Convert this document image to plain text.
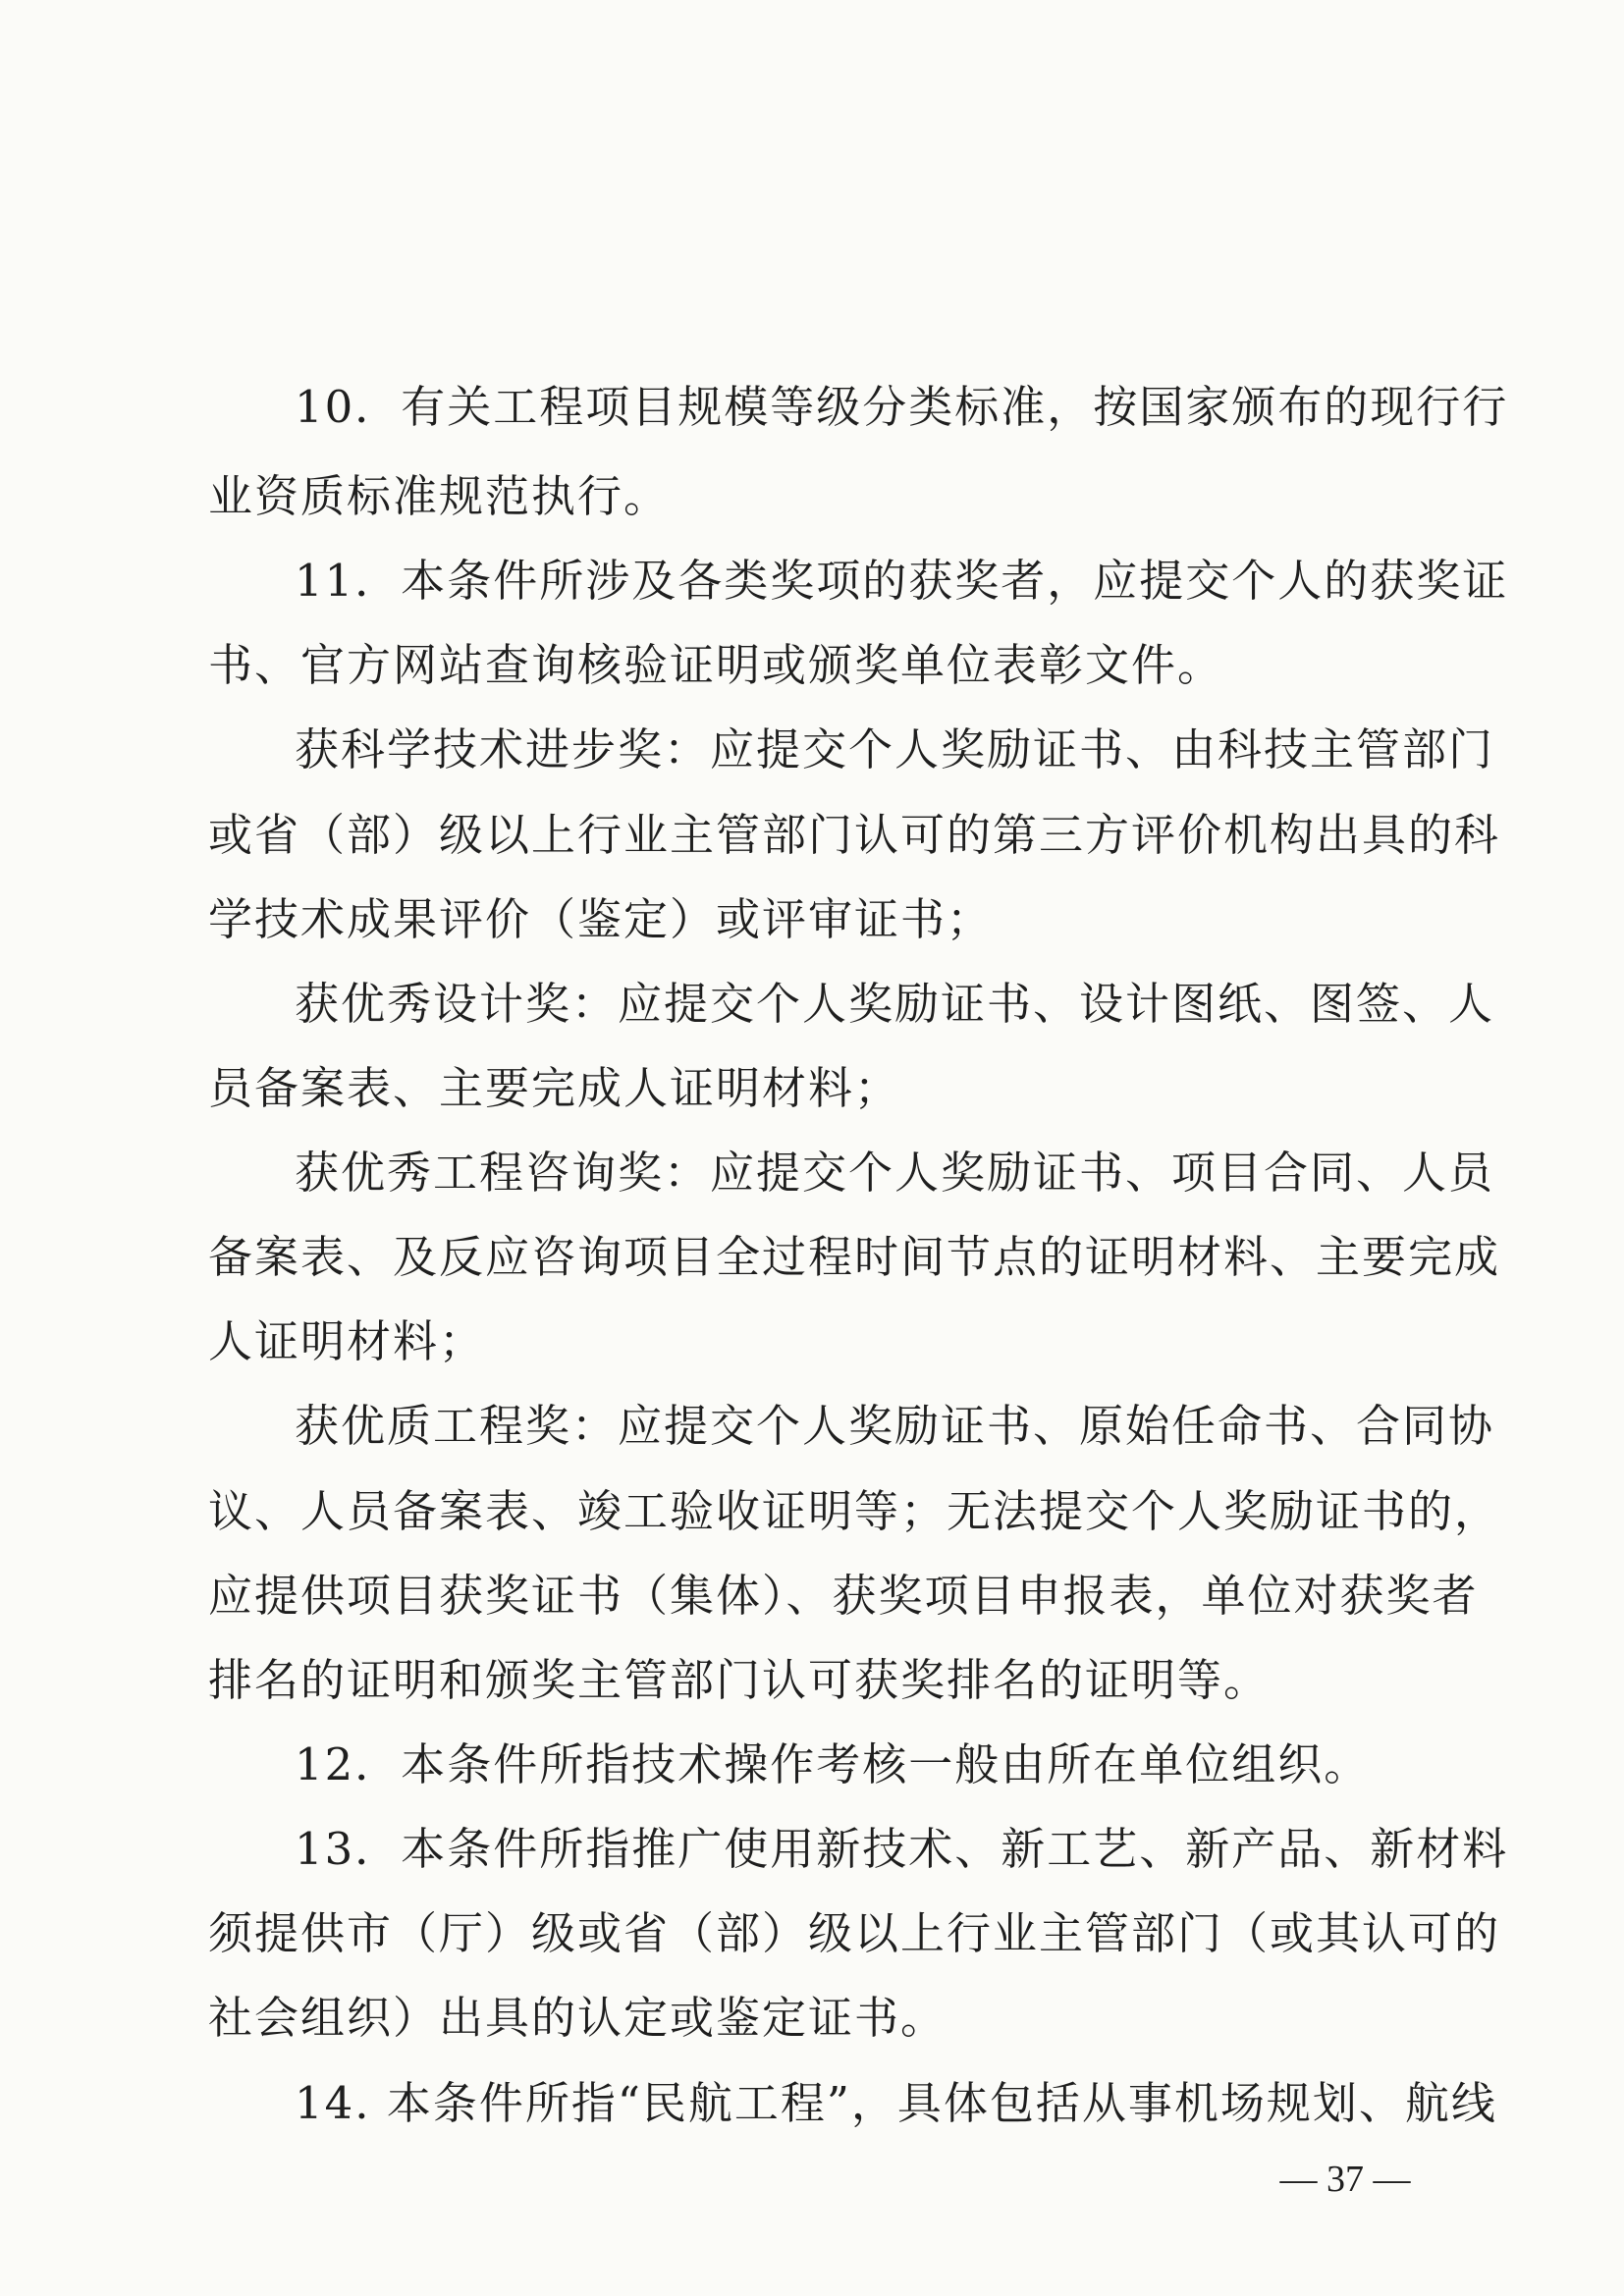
10．有关工程项目规模等级分类标准，按国家颁布的现行行
业资质标准规范执行。
11．本条件所涉及各类奖项的获奖者，应提交个人的获奖证
书、官方网站查询核验证明或颁奖单位表彰文件。
获科学技术进步奖：应提交个人奖励证书、由科技主管部门
或省（部）级以上行业主管部门认可的第三方评价机构出具的科
学技术成果评价（鉴定）或评审证书；
获优秀设计奖：应提交个人奖励证书、设计图纸、图签、人
员备案表、主要完成人证明材料；
获优秀工程咨询奖：应提交个人奖励证书、项目合同、人员
备案表、及反应咨询项目全过程时间节点的证明材料、主要完成
人证明材料；
获优质工程奖：应提交个人奖励证书、原始任命书、合同协
议、人员备案表、竣工验收证明等；无法提交个人奖励证书的，
应提供项目获奖证书（集体）、获奖项目申报表，单位对获奖者
排名的证明和颁奖主管部门认可获奖排名的证明等。
12．本条件所指技术操作考核一般由所在单位组织。
13．本条件所指推广使用新技术、新工艺、新产品、新材料
须提供市（厅）级或省（部）级以上行业主管部门（或其认可的
社会组织）出具的认定或鉴定证书。
14. 本条件所指“民航工程”，具体包括从事机场规划、航线
— 37 —
